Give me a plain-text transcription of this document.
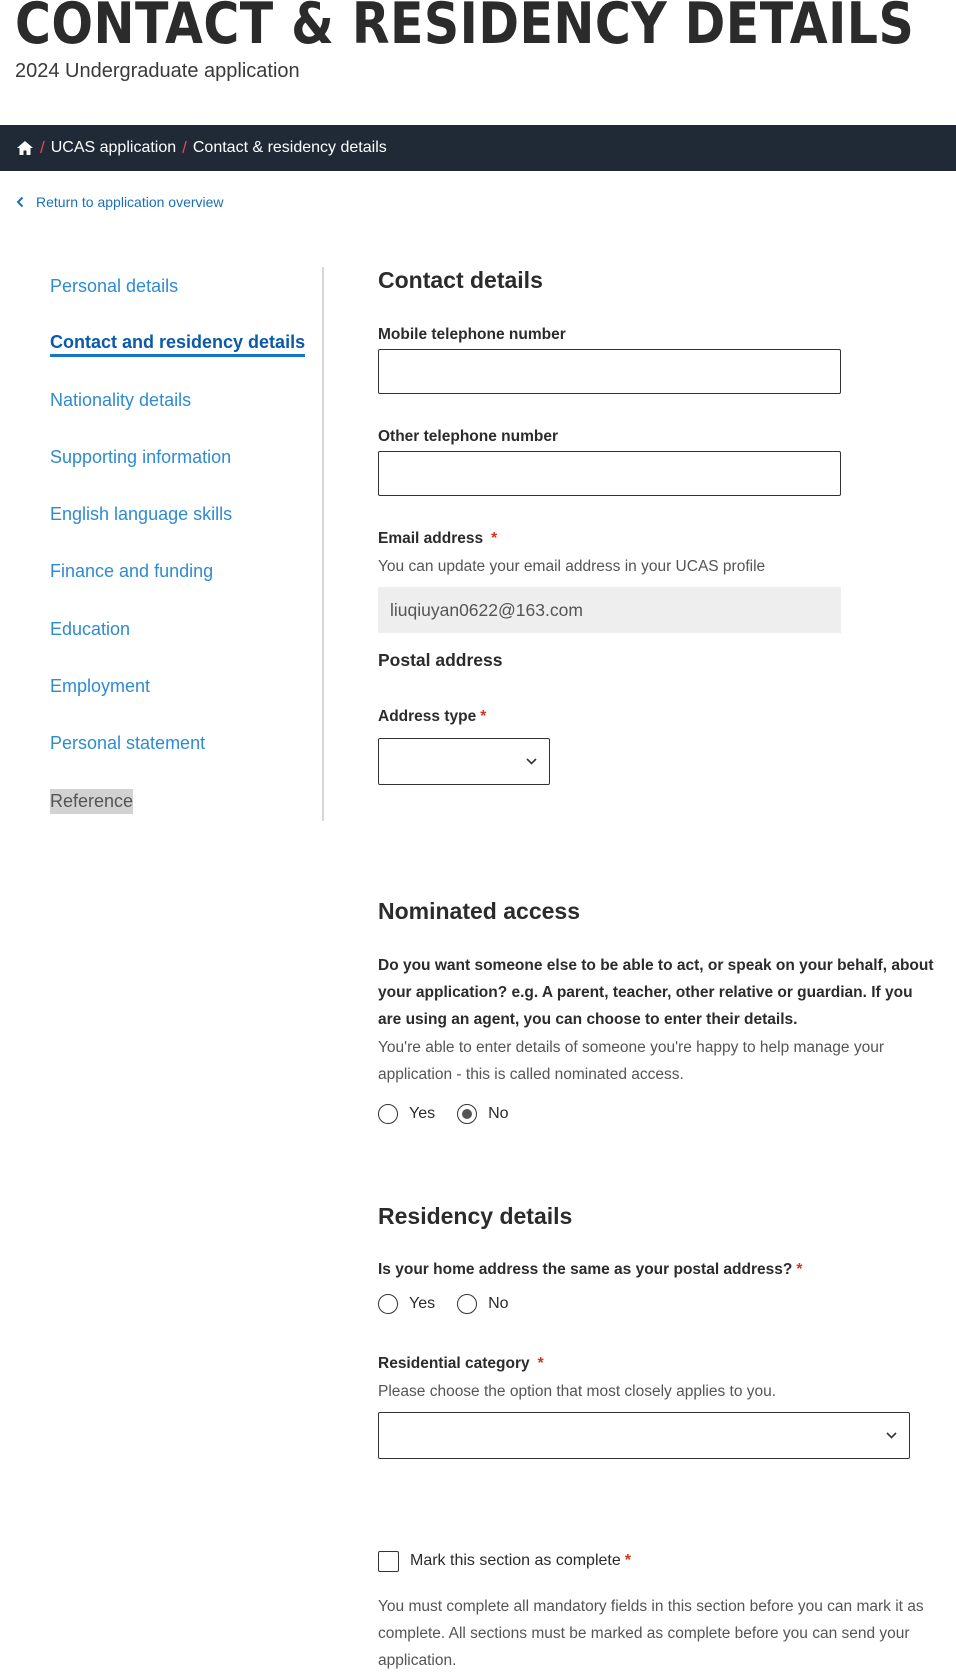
CONTACT & RESIDENCY DETAILS
2024 Undergraduate application
/ UCAS application / Contact & residency details
Return to application overview
Personal details
Contact and residency details
Nationality details
Supporting information
English language skills
Finance and funding
Education
Employment
Personal statement
Reference
Contact details
Mobile telephone number
Other telephone number
Email address *
You can update your email address in your UCAS profile
liuqiuyan0622@163.com
Postal address
Address type *
Nominated access
Do you want someone else to be able to act, or speak on your behalf, about your application? e.g. A parent, teacher, other relative or guardian. If you are using an agent, you can choose to enter their details.
You're able to enter details of someone you're happy to help manage your application - this is called nominated access.
Yes	No
Residency details
Is your home address the same as your postal address? *
Yes	No
Residential category *
Please choose the option that most closely applies to you.
Mark this section as complete *
You must complete all mandatory fields in this section before you can mark it as complete. All sections must be marked as complete before you can send your application.
